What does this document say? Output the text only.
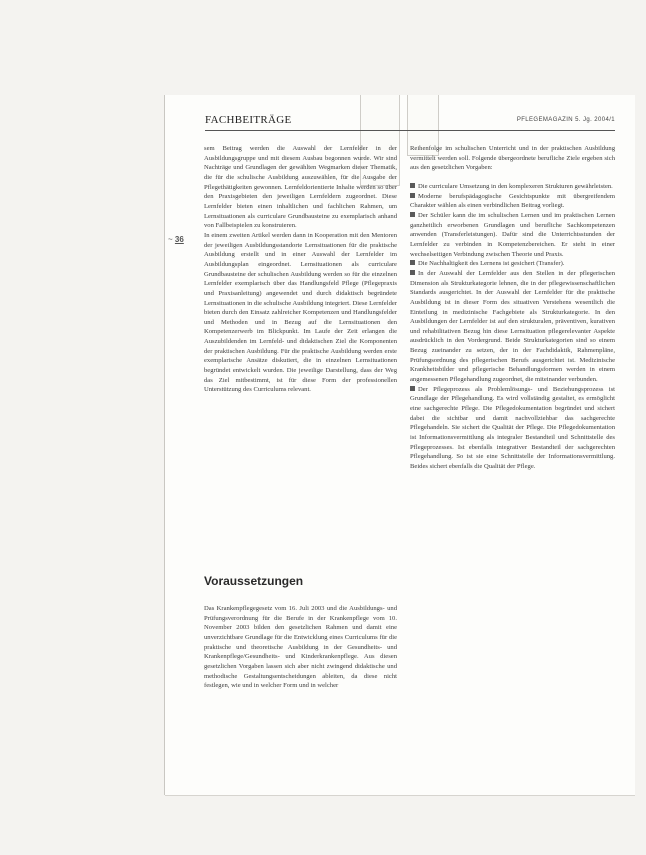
FACHBEITRÄGE	PFLEGEMAGAZIN 5. Jg. 2004/1
~ 36

sem Beitrag werden die Auswahl der Lernfelder in der Ausbildungsgruppe und mit diesem Ausbau begonnen wurde. Wir sind Nachträge und Grundlagen der gewählten Wegmarken dieser Thematik, die für die schulische Ausbildung auszuwählen, für die Ausgabe der Pflegethätigkeiten gewonnen. Lernfeldorientierte Inhalte werden so über den Praxisgebieten den jeweiligen Lernfeldern zugeordnet. Diese Lernfelder bieten einen inhaltlichen und fachlichen Rahmen, um Lernsituationen als curriculare Grundbausteine zu exemplarisch anhand von Fallbeispielen zu konstruieren.

In einem zweiten Artikel werden dann in Kooperation mit den Mentoren der jeweiligen Ausbildungsstandorte Lernsituationen für die praktische Ausbildung erstellt und in einer Auswahl der Lernfelder im Ausbildungsplan eingeordnet. Lernsituationen als curriculare Grundbausteine der schulischen Ausbildung werden so für die einzelnen Lernfelder exemplarisch über das Handlungsfeld Pflege (Pflegepraxis und Praxisanleitung) angewendet und durch didaktisch begründete Lernsituationen in die schulische Ausbildung integriert. Diese Lernfelder bieten durch den Einsatz zahlreicher Kompetenzen und Handlungsfelder und Methoden und in Bezug auf die Lernsituationen den Kompetenzerwerb im Blickpunkt. Im Laufe der Zeit erlangen die Auszubildenden im Lernfeld- und didaktischen Ziel die Komponenten der praktischen Ausbildung. Für die praktische Ausbildung werden erste exemplarische Ansätze diskutiert, die in einzelnen Lernsituationen begründet entwickelt wurden. Die jeweilige Darstellung, dass der Weg das Ziel mitbestimmt, ist für diese Form der professionellen Unterstützung des Curriculums relevant.

Voraussetzungen

Das Krankenpflegegesetz vom 16. Juli 2003 und die Ausbildungs- und Prüfungsverordnung für die Berufe in der Krankenpflege vom 10. November 2003 bilden den gesetzlichen Rahmen und damit eine unverzichtbare Grundlage für die Entwicklung eines Curriculums für die praktische und theoretische Ausbildung in der Gesundheits- und Krankenpflege/Gesundheits- und Kinderkrankenpflege. Aus diesen gesetzlichen Vorgaben lassen sich aber nicht zwingend didaktische und methodische Gestaltungsentscheidungen ableiten, da diese nicht festlegen, wie und in welcher Form und in welcher

Reihenfolge im schulischen Unterricht und in der praktischen Ausbildung vermittelt werden soll. Folgende übergeordnete berufliche Ziele ergeben sich aus den gesetzlichen Vorgaben:

Die curriculare Umsetzung in den komplexeren Strukturen gewährleisten.
Moderne berufspädagogische Gesichtspunkte mit übergreifendem Charakter wählen als einen verbindlichen Beitrag vorliegt.
Der Schüler kann die im schulischen Lernen und im praktischen Lernen ganzheitlich erworbenen Grundlagen und berufliche Sachkompetenzen anwenden (Transferleistungen). Dafür sind die Unterrichtsstunden der Lernfelder zu verbinden in Kompetenzbereichen. Er steht in einer wechselseitigen Verbindung zwischen Theorie und Praxis.
Die Nachhaltigkeit des Lernens ist gesichert (Transfer).
In der Auswahl der Lernfelder aus den Stellen in der pflegerischen Dimension als Strukturkategorie lehnen, die in der pflegewissenschaftlichen Standards ausgerichtet. In der Auswahl der Lernfelder für die praktische Ausbildung ist in dieser Form des situativen Verstehens wesentlich die Einteilung in medizinische Fachgebiete als Strukturkategorie. In den Ausbildungen der Lernfelder ist auf den strukturalen, präventiven, kurativen und rehabilitativen Bezug hin diese Lernsituation pflegerelevanter Aspekte ausdrücklich in den Vordergrund. Beide Strukturkategorien sind so einem Bezug zueinander zu setzen, der in der Fachdidaktik, Rahmenpläne, Prüfungsordnung des pflegerischen Berufs ausgerichtet ist. Medizinische Krankheitsbilder und pflegerische Behandlungsformen werden in einem angemessenen Pflegehandlung zugeordnet, die miteinander verbunden.
Der Pflegeprozess als Problemlösungs- und Beziehungsprozess ist Grundlage der Pflegehandlung. Es wird vollständig gestaltet, es ermöglicht eine sachgerechte Pflege. Die Pflegedokumentation begründet und sichert dabei die sichtbar und damit nachvollziehbar das sachgerechte Pflegehandeln. Sie sichert die Qualität der Pflege. Die Pflegedokumentation ist Informationsvermittlung als integraler Bestandteil und Schnittstelle des Pflegeprozesses. Ist ebenfalls integrativer Bestandteil der sachgerechten Pflegehandlung. So ist sie eine Schnittstelle der Informationsvermittlung. Beides sichert ebenfalls die Qualität der Pflege.
